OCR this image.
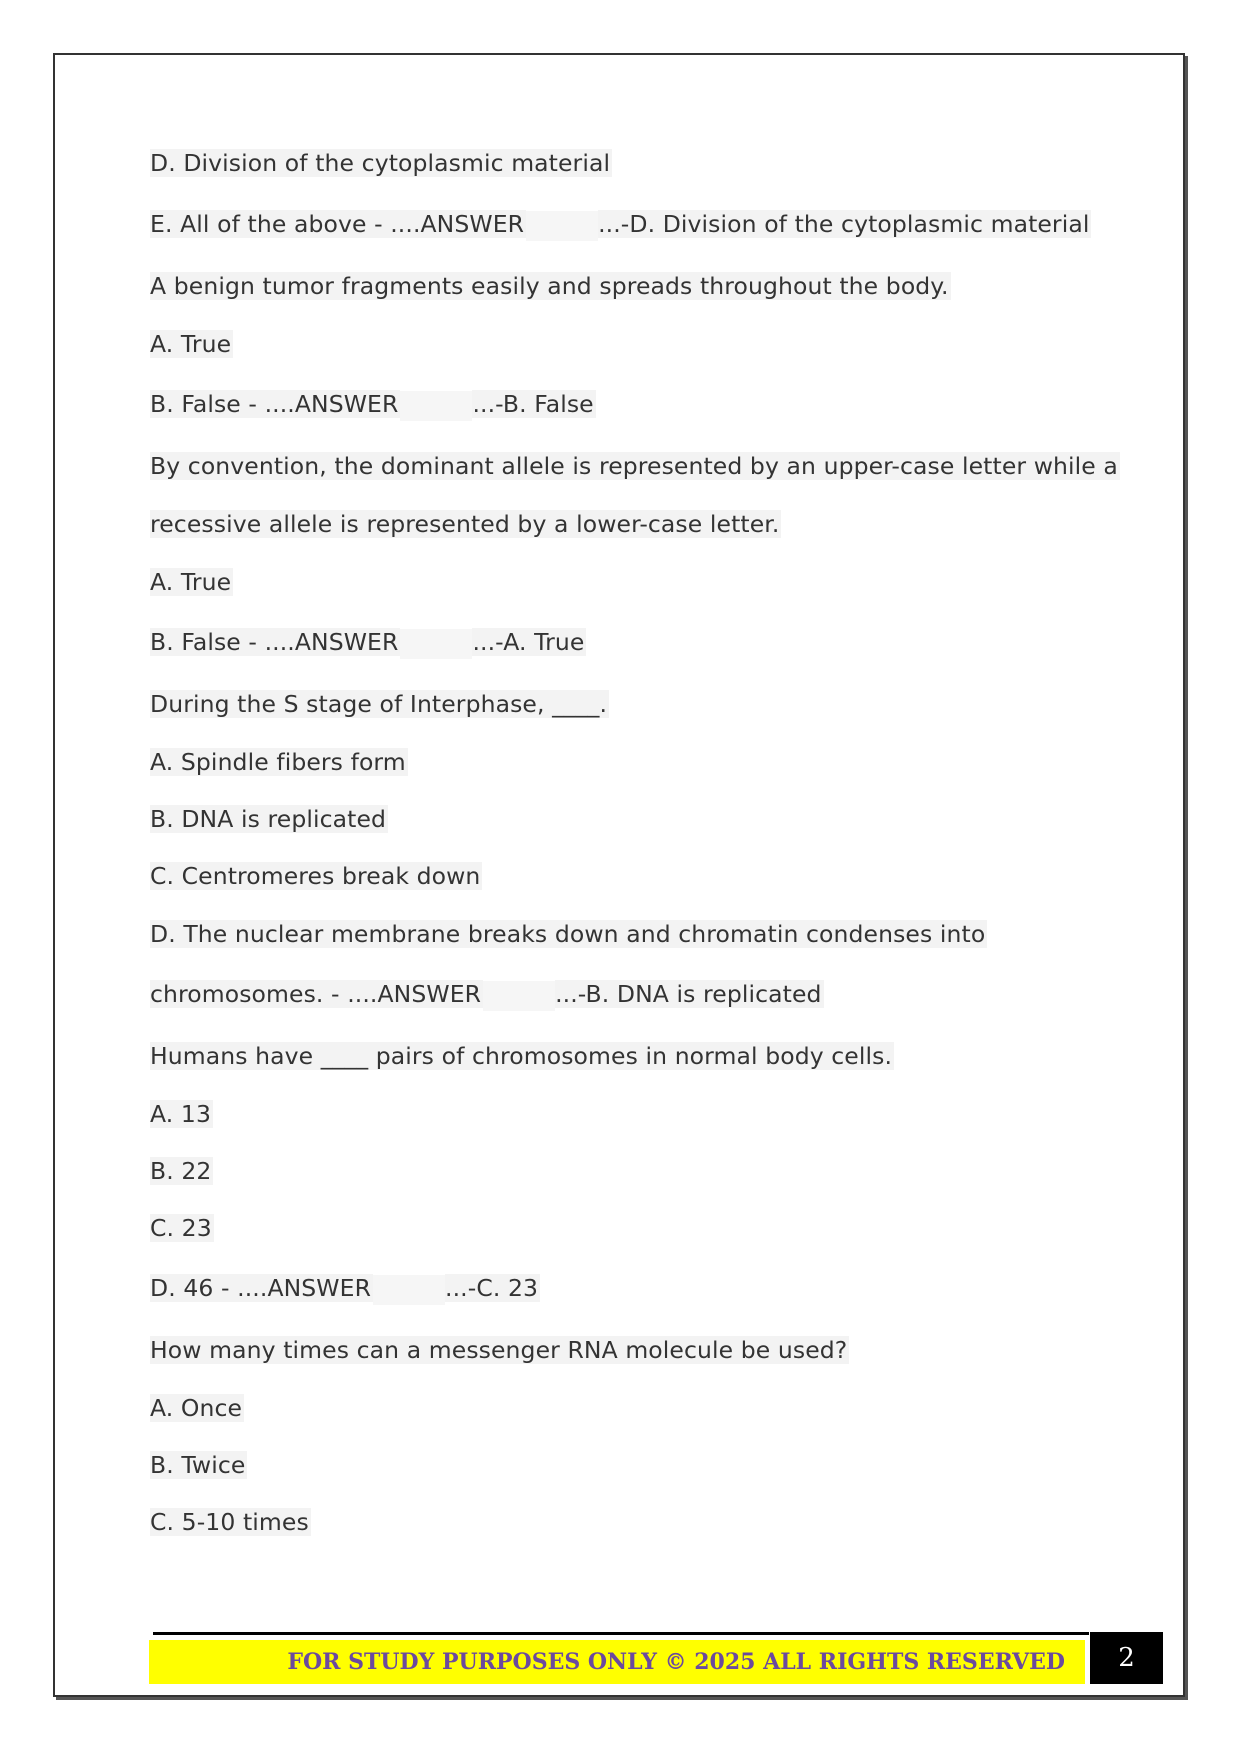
D. Division of the cytoplasmic material
E. All of the above - ....ANSWER	...-D. Division of the cytoplasmic material
A benign tumor fragments easily and spreads throughout the body.
A. True
B. False - ....ANSWER	...-B. False
By convention, the dominant allele is represented by an upper-case letter while a
recessive allele is represented by a lower-case letter.
A. True
B. False - ....ANSWER	...-A. True
During the S stage of Interphase, ____.
A. Spindle fibers form
B. DNA is replicated
C. Centromeres break down
D. The nuclear membrane breaks down and chromatin condenses into
chromosomes. - ....ANSWER	...-B. DNA is replicated
Humans have ____ pairs of chromosomes in normal body cells.
A. 13
B. 22
C. 23
D. 46 - ....ANSWER	...-C. 23
How many times can a messenger RNA molecule be used?
A. Once
B. Twice
C. 5-10 times
FOR STUDY PURPOSES ONLY © 2025 ALL RIGHTS RESERVED	2
